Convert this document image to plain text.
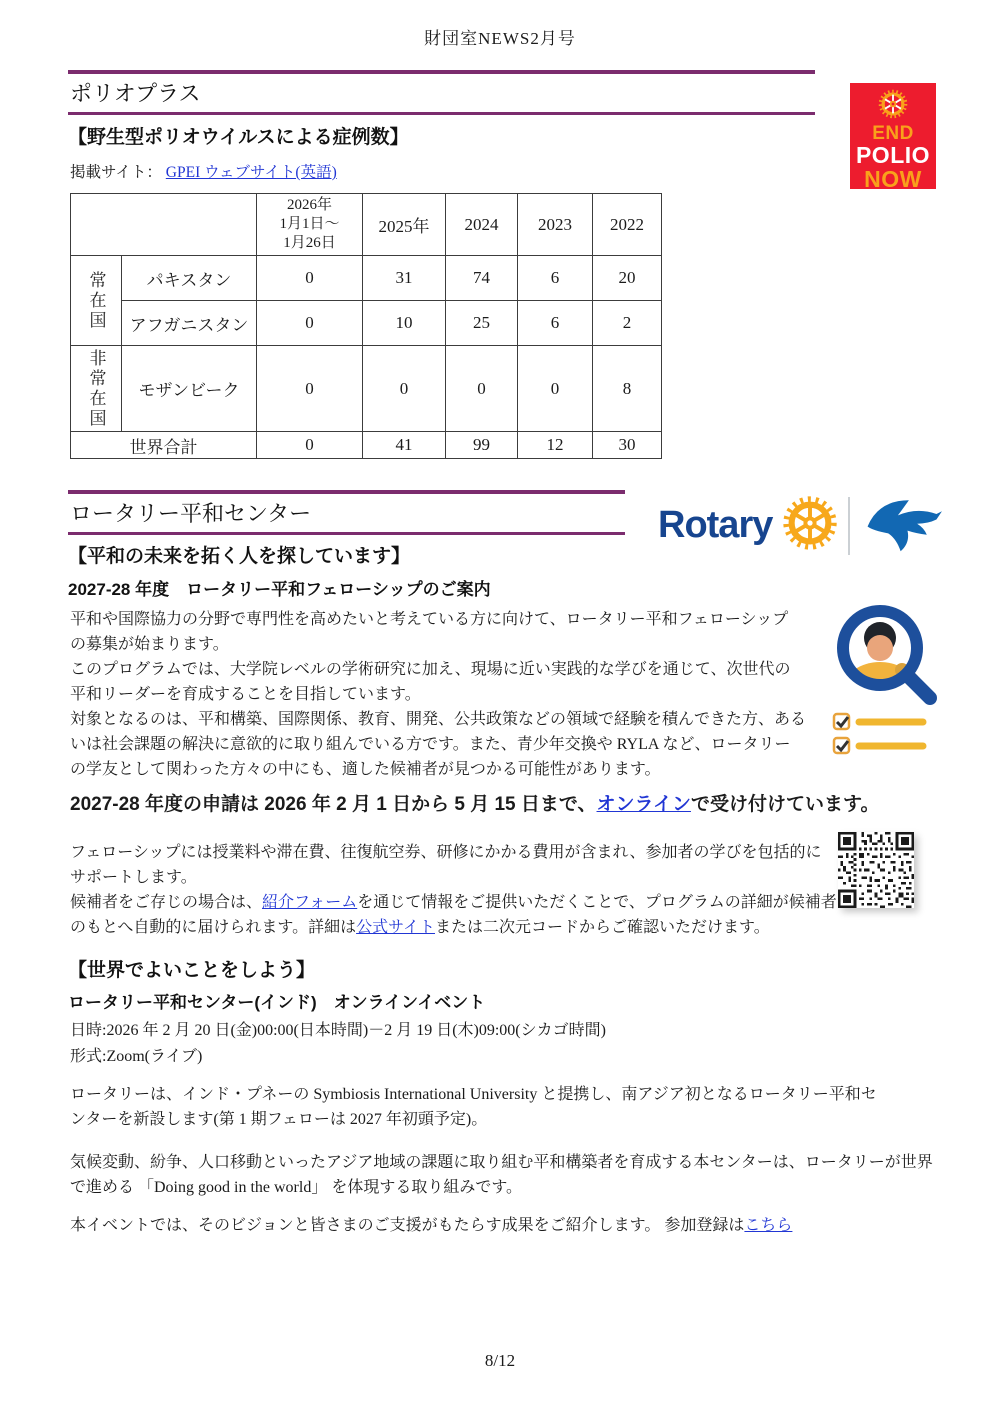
財団室NEWS2月号
ポリオプラス
END
POLIO
NOW
【野生型ポリオウイルスによる症例数】
掲載サイト： GPEI ウェブサイト(英語)

		2026年
1月1日～
1月26日	2025年	2024	2023	2022
常在国	パキスタン	0	31	74	6	20
	アフガニスタン	0	10	25	6	2
非常在国	モザンビーク	0	0	0	0	8
世界合計		0	41	99	12	30
ロータリー平和センター	Rotary
【平和の未来を拓く人を探しています】
2027-28 年度　ロータリー平和フェローシップのご案内
平和や国際協力の分野で専門性を高めたいと考えている方に向けて、ロータリー平和フェローシップ
の募集が始まります。
このプログラムでは、大学院レベルの学術研究に加え、現場に近い実践的な学びを通じて、次世代の
平和リーダーを育成することを目指しています。
対象となるのは、平和構築、国際関係、教育、開発、公共政策などの領域で経験を積んできた方、ある
いは社会課題の解決に意欲的に取り組んでいる方です。また、青少年交換や RYLA など、ロータリー
の学友として関わった方々の中にも、適した候補者が見つかる可能性があります。
2027-28 年度の申請は 2026 年 2 月 1 日から 5 月 15 日まで、オンラインで受け付けています。
フェローシップには授業料や滞在費、往復航空券、研修にかかる費用が含まれ、参加者の学びを包括的に
サポートします。
候補者をご存じの場合は、紹介フォームを通じて情報をご提供いただくことで、プログラムの詳細が候補者
のもとへ自動的に届けられます。詳細は公式サイトまたは二次元コードからご確認いただけます。
【世界でよいことをしよう】
ロータリー平和センター(インド)　オンラインイベント
日時:2026 年 2 月 20 日(金)00:00(日本時間)－2 月 19 日(木)09:00(シカゴ時間)
形式:Zoom(ライブ)
ロータリーは、インド・プネーの Symbiosis International University と提携し、南アジア初となるロータリー平和セ
ンターを新設します(第 1 期フェローは 2027 年初頭予定)。
気候変動、紛争、人口移動といったアジア地域の課題に取り組む平和構築者を育成する本センターは、ロータリーが世界
で進める 「Doing good in the world」 を体現する取り組みです。
本イベントでは、そのビジョンと皆さまのご支援がもたらす成果をご紹介します。 参加登録はこちら
8/12
